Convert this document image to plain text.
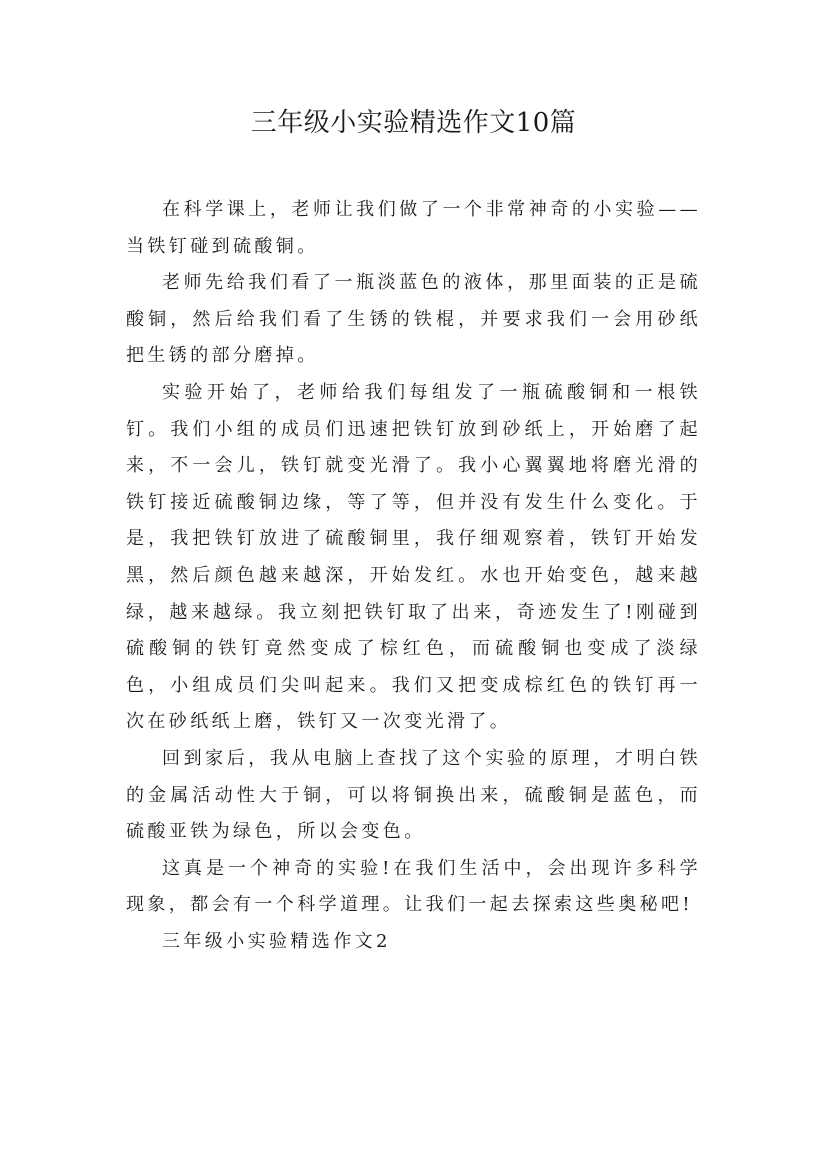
三年级小实验精选作文10篇

在科学课上，老师让我们做了一个非常神奇的小实验——当铁钉碰到硫酸铜。

老师先给我们看了一瓶淡蓝色的液体，那里面装的正是硫酸铜，然后给我们看了生锈的铁棍，并要求我们一会用砂纸把生锈的部分磨掉。

实验开始了，老师给我们每组发了一瓶硫酸铜和一根铁钉。我们小组的成员们迅速把铁钉放到砂纸上，开始磨了起来，不一会儿，铁钉就变光滑了。我小心翼翼地将磨光滑的铁钉接近硫酸铜边缘，等了等，但并没有发生什么变化。于是，我把铁钉放进了硫酸铜里，我仔细观察着，铁钉开始发黑，然后颜色越来越深，开始发红。水也开始变色，越来越绿，越来越绿。我立刻把铁钉取了出来，奇迹发生了!刚碰到硫酸铜的铁钉竟然变成了棕红色，而硫酸铜也变成了淡绿色，小组成员们尖叫起来。我们又把变成棕红色的铁钉再一次在砂纸纸上磨，铁钉又一次变光滑了。

回到家后，我从电脑上查找了这个实验的原理，才明白铁的金属活动性大于铜，可以将铜换出来，硫酸铜是蓝色，而硫酸亚铁为绿色，所以会变色。

这真是一个神奇的实验!在我们生活中，会出现许多科学现象，都会有一个科学道理。让我们一起去探索这些奥秘吧!

三年级小实验精选作文2
